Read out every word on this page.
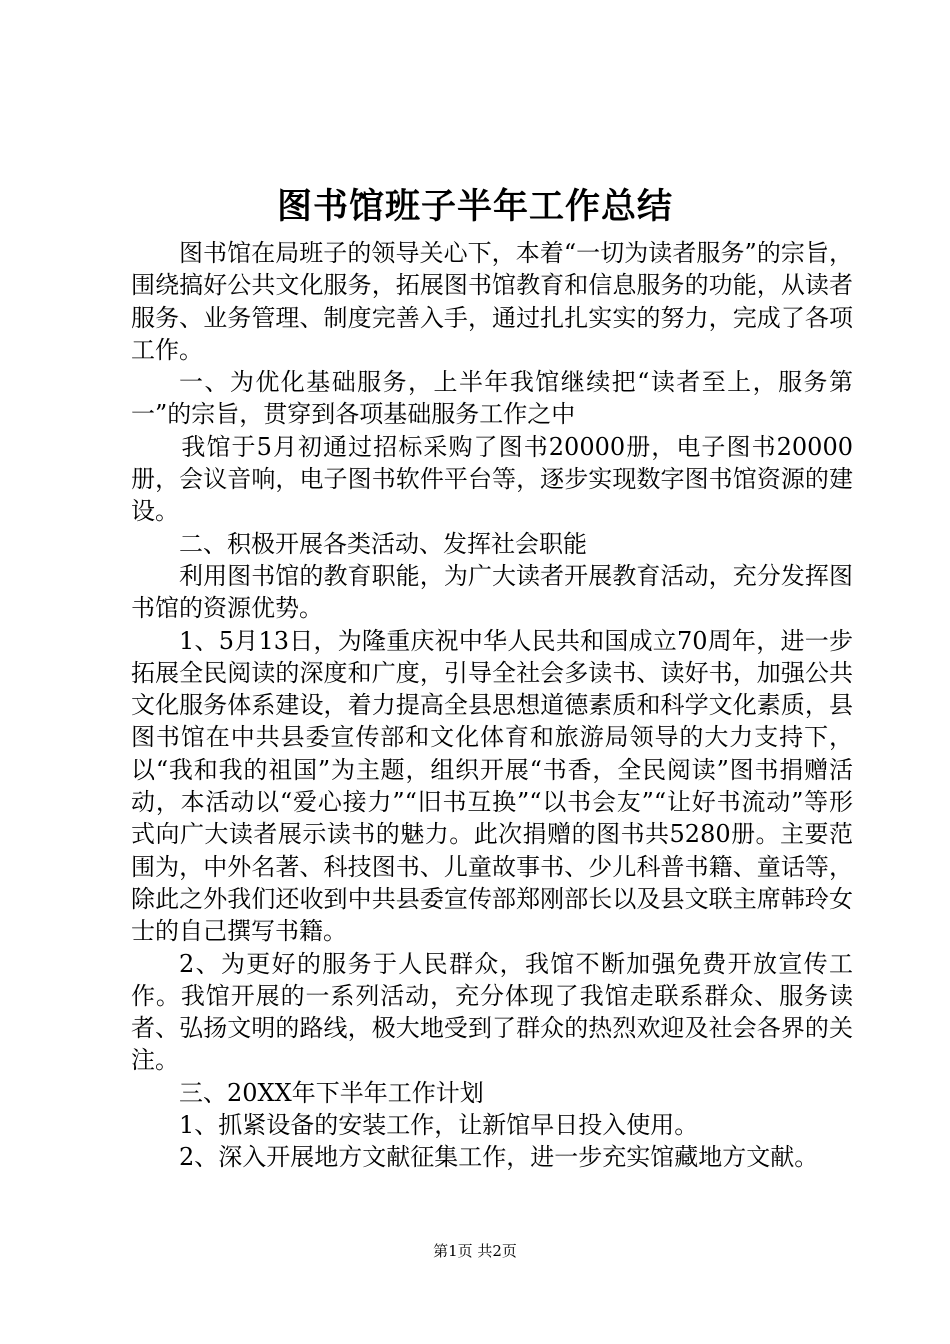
图书馆班子半年工作总结

图书馆在局班子的领导关心下，本着“一切为读者服务”的宗旨，围绕搞好公共文化服务，拓展图书馆教育和信息服务的功能，从读者服务、业务管理、制度完善入手，通过扎扎实实的努力，完成了各项工作。

一、为优化基础服务，上半年我馆继续把“读者至上，服务第一”的宗旨，贯穿到各项基础服务工作之中

我馆于5月初通过招标采购了图书20000册，电子图书20000册，会议音响，电子图书软件平台等，逐步实现数字图书馆资源的建设。

二、积极开展各类活动、发挥社会职能

利用图书馆的教育职能，为广大读者开展教育活动，充分发挥图书馆的资源优势。

1、5月13日，为隆重庆祝中华人民共和国成立70周年，进一步拓展全民阅读的深度和广度，引导全社会多读书、读好书，加强公共文化服务体系建设，着力提高全县思想道德素质和科学文化素质，县图书馆在中共县委宣传部和文化体育和旅游局领导的大力支持下，以“我和我的祖国”为主题，组织开展“书香，全民阅读”图书捐赠活动，本活动以“爱心接力”“旧书互换”“以书会友”“让好书流动”等形式向广大读者展示读书的魅力。此次捐赠的图书共5280册。主要范围为，中外名著、科技图书、儿童故事书、少儿科普书籍、童话等，除此之外我们还收到中共县委宣传部郑刚部长以及县文联主席韩玲女士的自己撰写书籍。

2、为更好的服务于人民群众，我馆不断加强免费开放宣传工作。我馆开展的一系列活动，充分体现了我馆走联系群众、服务读者、弘扬文明的路线，极大地受到了群众的热烈欢迎及社会各界的关注。

三、20XX年下半年工作计划

1、抓紧设备的安装工作，让新馆早日投入使用。

2、深入开展地方文献征集工作，进一步充实馆藏地方文献。

第1页 共2页
